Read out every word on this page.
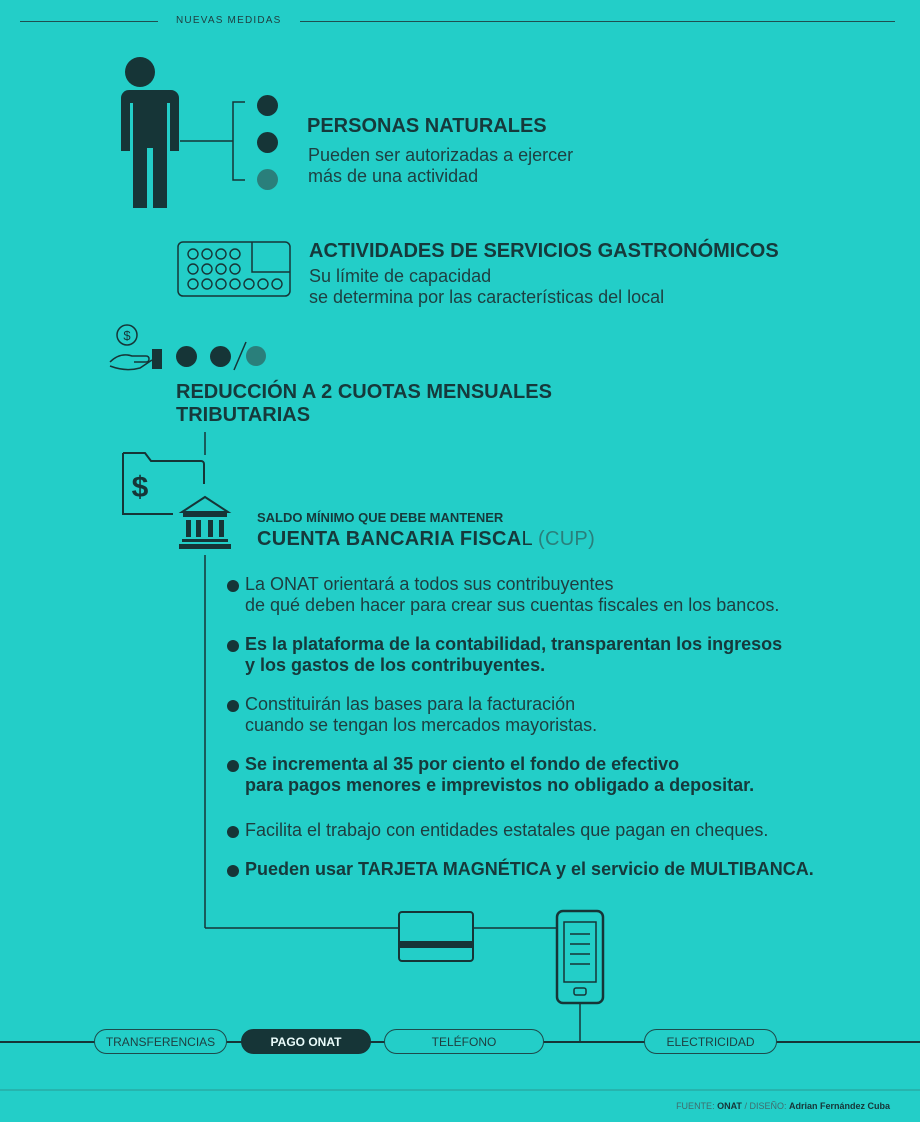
NUEVAS MEDIDAS
PERSONAS NATURALES
Pueden ser autorizadas a ejercer
más de una actividad
ACTIVIDADES DE SERVICIOS GASTRONÓMICOS
Su límite de capacidad
se determina por las características del local
$
REDUCCIÓN A 2 CUOTAS MENSUALES
TRIBUTARIAS
$
SALDO MÍNIMO QUE DEBE MANTENER
CUENTA BANCARIA FISCAL (CUP)
La ONAT orientará a todos sus contribuyentes
de qué deben hacer para crear sus cuentas fiscales en los bancos.
Es la plataforma de la contabilidad, transparentan los ingresos
y los gastos de los contribuyentes.
Constituirán las bases para la facturación
cuando se tengan los mercados mayoristas.
Se incrementa al 35 por ciento el fondo de efectivo
para pagos menores e imprevistos no obligado a depositar.
Facilita el trabajo con entidades estatales que pagan en cheques.
Pueden usar TARJETA MAGNÉTICA y el servicio de MULTIBANCA.
TRANSFERENCIAS	PAGO ONAT	TELÉFONO	ELECTRICIDAD
FUENTE: ONAT / DISEÑO: Adrian Fernández Cuba
